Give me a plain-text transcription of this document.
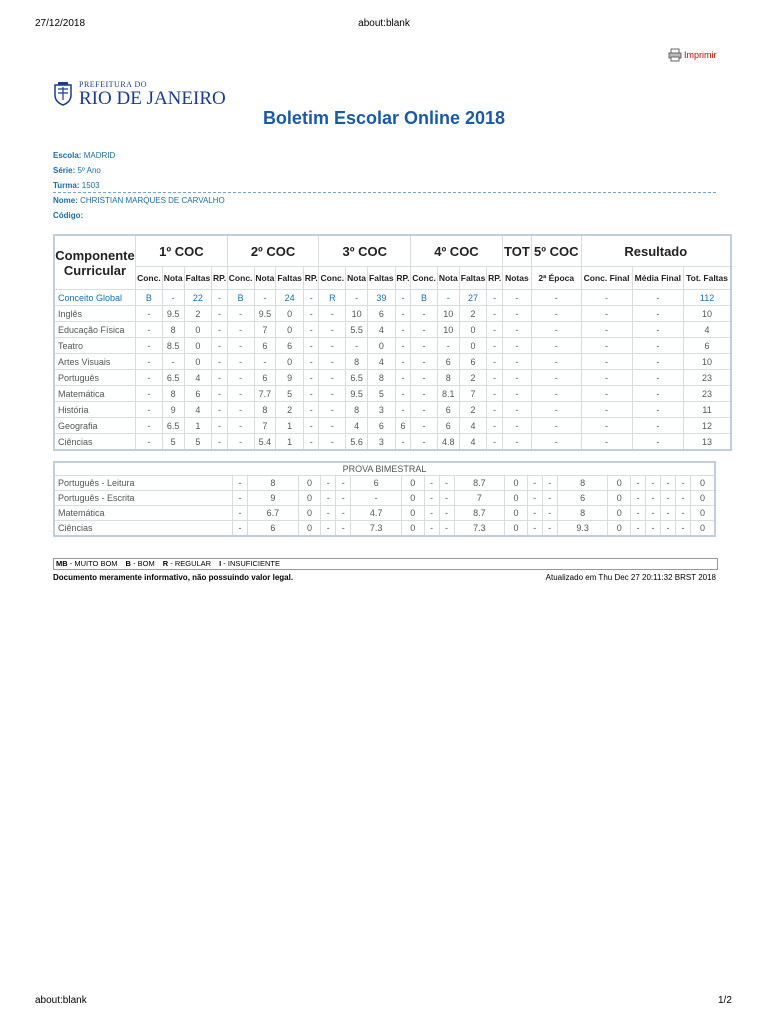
27/12/2018	about:blank
Imprimir
PREFEITURA DO
RIO DE JANEIRO
Boletim Escolar Online 2018
Escola: MADRID
Série: 5º Ano
Turma: 1503
Nome: CHRISTIAN MARQUES DE CARVALHO
Código:
Componente Curricular	1º COC				2º COC				3º COC				4º COC				TOT	5º COC	Resultado		
	Conc.	Nota	Faltas	RP.	Conc.	Nota	Faltas	RP.	Conc.	Nota	Faltas	RP.	Conc.	Nota	Faltas	RP.	Notas	2ª Época	Conc. Final	Média Final	Tot. Faltas
Conceito Global	B	-	22	-	B	-	24	-	R	-	39	-	B	-	27	-	-	-	-	-	112
Inglês	-	9.5	2	-	-	9.5	0	-	-	10	6	-	-	10	2	-	-	-	-	-	10
Educação Física	-	8	0	-	-	7	0	-	-	5.5	4	-	-	10	0	-	-	-	-	-	4
Teatro	-	8.5	0	-	-	6	6	-	-	-	0	-	-	-	0	-	-	-	-	-	6
Artes Visuais	-	-	0	-	-	-	0	-	-	8	4	-	-	6	6	-	-	-	-	-	10
Português	-	6.5	4	-	-	6	9	-	-	6.5	8	-	-	8	2	-	-	-	-	-	23
Matemática	-	8	6	-	-	7.7	5	-	-	9.5	5	-	-	8.1	7	-	-	-	-	-	23
História	-	9	4	-	-	8	2	-	-	8	3	-	-	6	2	-	-	-	-	-	11
Geografia	-	6.5	1	-	-	7	1	-	-	4	6	6	-	6	4	-	-	-	-	-	12
Ciências	-	5	5	-	-	5.4	1	-	-	5.6	3	-	-	4.8	4	-	-	-	-	-	13
PROVA BIMESTRAL																				
Português - Leitura	-	8	0	-	-	6	0	-	-	8.7	0	-	-	8	0	-	-	-	-	0
Português - Escrita	-	9	0	-	-	-	0	-	-	7	0	-	-	6	0	-	-	-	-	0
Matemática	-	6.7	0	-	-	4.7	0	-	-	8.7	0	-	-	8	0	-	-	-	-	0
Ciências	-	6	0	-	-	7.3	0	-	-	7.3	0	-	-	9.3	0	-	-	-	-	0
MB - MUITO BOM B - BOM R - REGULAR I - INSUFICIENTE
Documento meramente informativo, não possuindo valor legal.	Atualizado em Thu Dec 27 20:11:32 BRST 2018
about:blank	1/2
